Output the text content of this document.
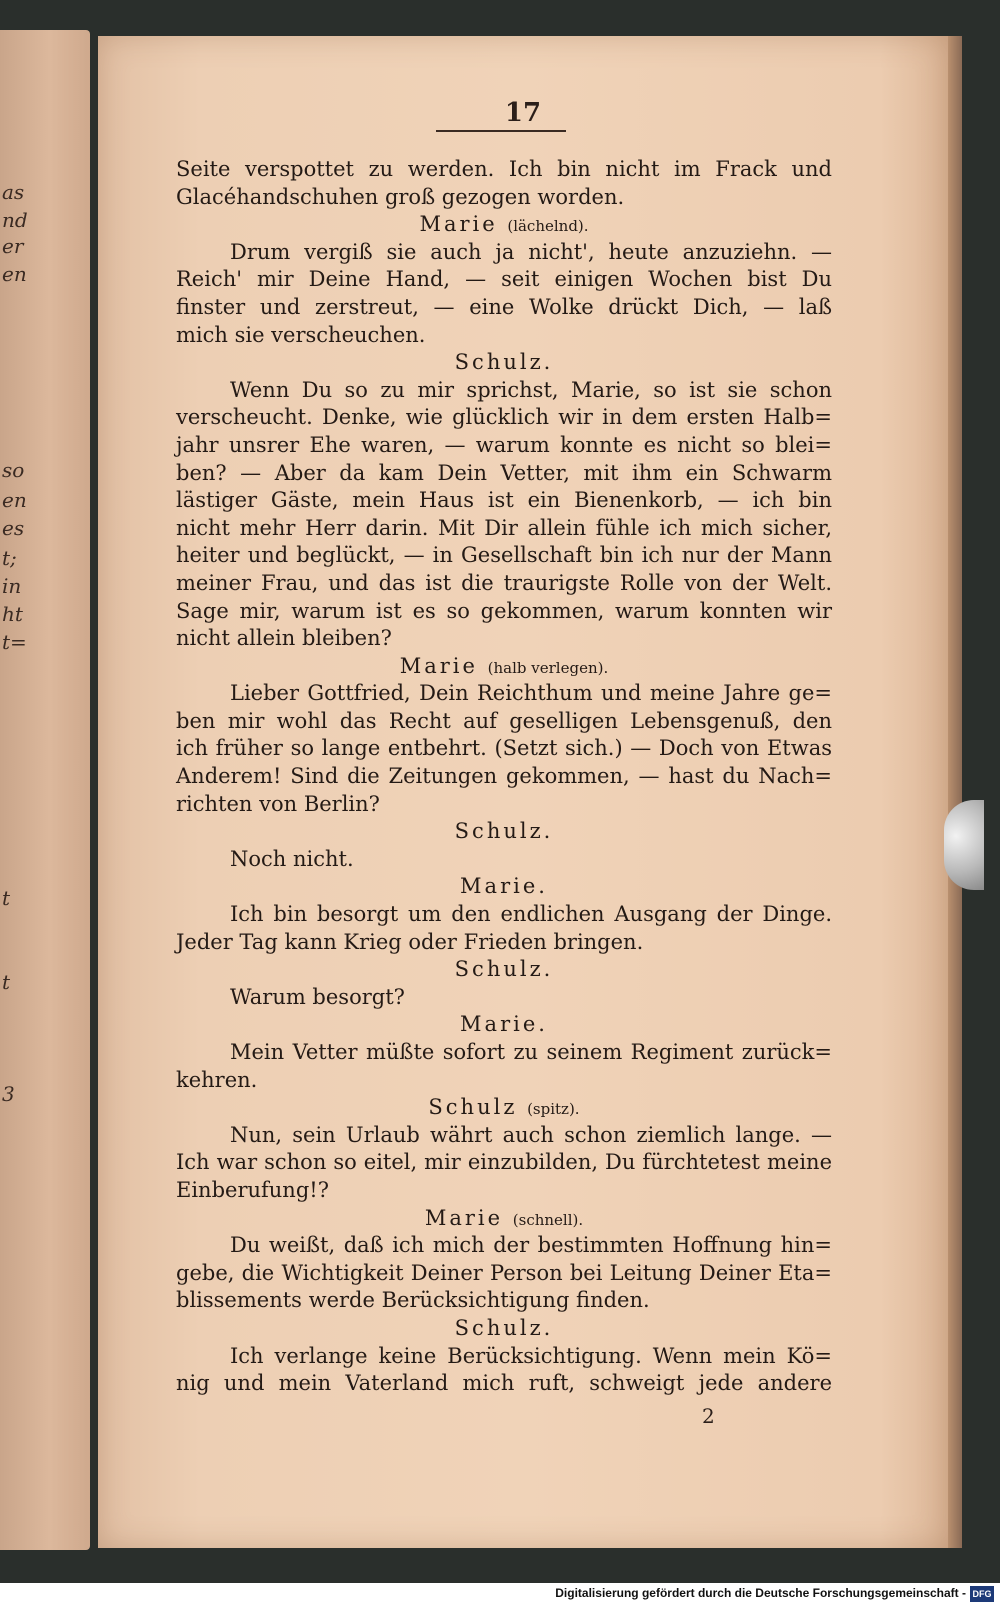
as
nd
er
en
so
en
es
t;
in
ht
t=
t
t
3
17
Seite verspottet zu werden. Ich bin nicht im Frack und
Glacéhandschuhen groß gezogen worden.
Marie (lächelnd).
Drum vergiß sie auch ja nicht', heute anzuziehn. —
Reich' mir Deine Hand, — seit einigen Wochen bist Du
finster und zerstreut, — eine Wolke drückt Dich, — laß
mich sie verscheuchen.
Schulz.
Wenn Du so zu mir sprichst, Marie, so ist sie schon
verscheucht. Denke, wie glücklich wir in dem ersten Halb=
jahr unsrer Ehe waren, — warum konnte es nicht so blei=
ben? — Aber da kam Dein Vetter, mit ihm ein Schwarm
lästiger Gäste, mein Haus ist ein Bienenkorb, — ich bin
nicht mehr Herr darin. Mit Dir allein fühle ich mich sicher,
heiter und beglückt, — in Gesellschaft bin ich nur der Mann
meiner Frau, und das ist die traurigste Rolle von der Welt.
Sage mir, warum ist es so gekommen, warum konnten wir
nicht allein bleiben?
Marie (halb verlegen).
Lieber Gottfried, Dein Reichthum und meine Jahre ge=
ben mir wohl das Recht auf geselligen Lebensgenuß, den
ich früher so lange entbehrt. (Setzt sich.) — Doch von Etwas
Anderem! Sind die Zeitungen gekommen, — hast du Nach=
richten von Berlin?
Schulz.
Noch nicht.
Marie.
Ich bin besorgt um den endlichen Ausgang der Dinge.
Jeder Tag kann Krieg oder Frieden bringen.
Schulz.
Warum besorgt?
Marie.
Mein Vetter müßte sofort zu seinem Regiment zurück=
kehren.
Schulz (spitz).
Nun, sein Urlaub währt auch schon ziemlich lange. —
Ich war schon so eitel, mir einzubilden, Du fürchtetest meine
Einberufung!?
Marie (schnell).
Du weißt, daß ich mich der bestimmten Hoffnung hin=
gebe, die Wichtigkeit Deiner Person bei Leitung Deiner Eta=
blissements werde Berücksichtigung finden.
Schulz.
Ich verlange keine Berücksichtigung. Wenn mein Kö=
nig und mein Vaterland mich ruft, schweigt jede andere
2
Digitalisierung gefördert durch die Deutsche Forschungsgemeinschaft - DFG
